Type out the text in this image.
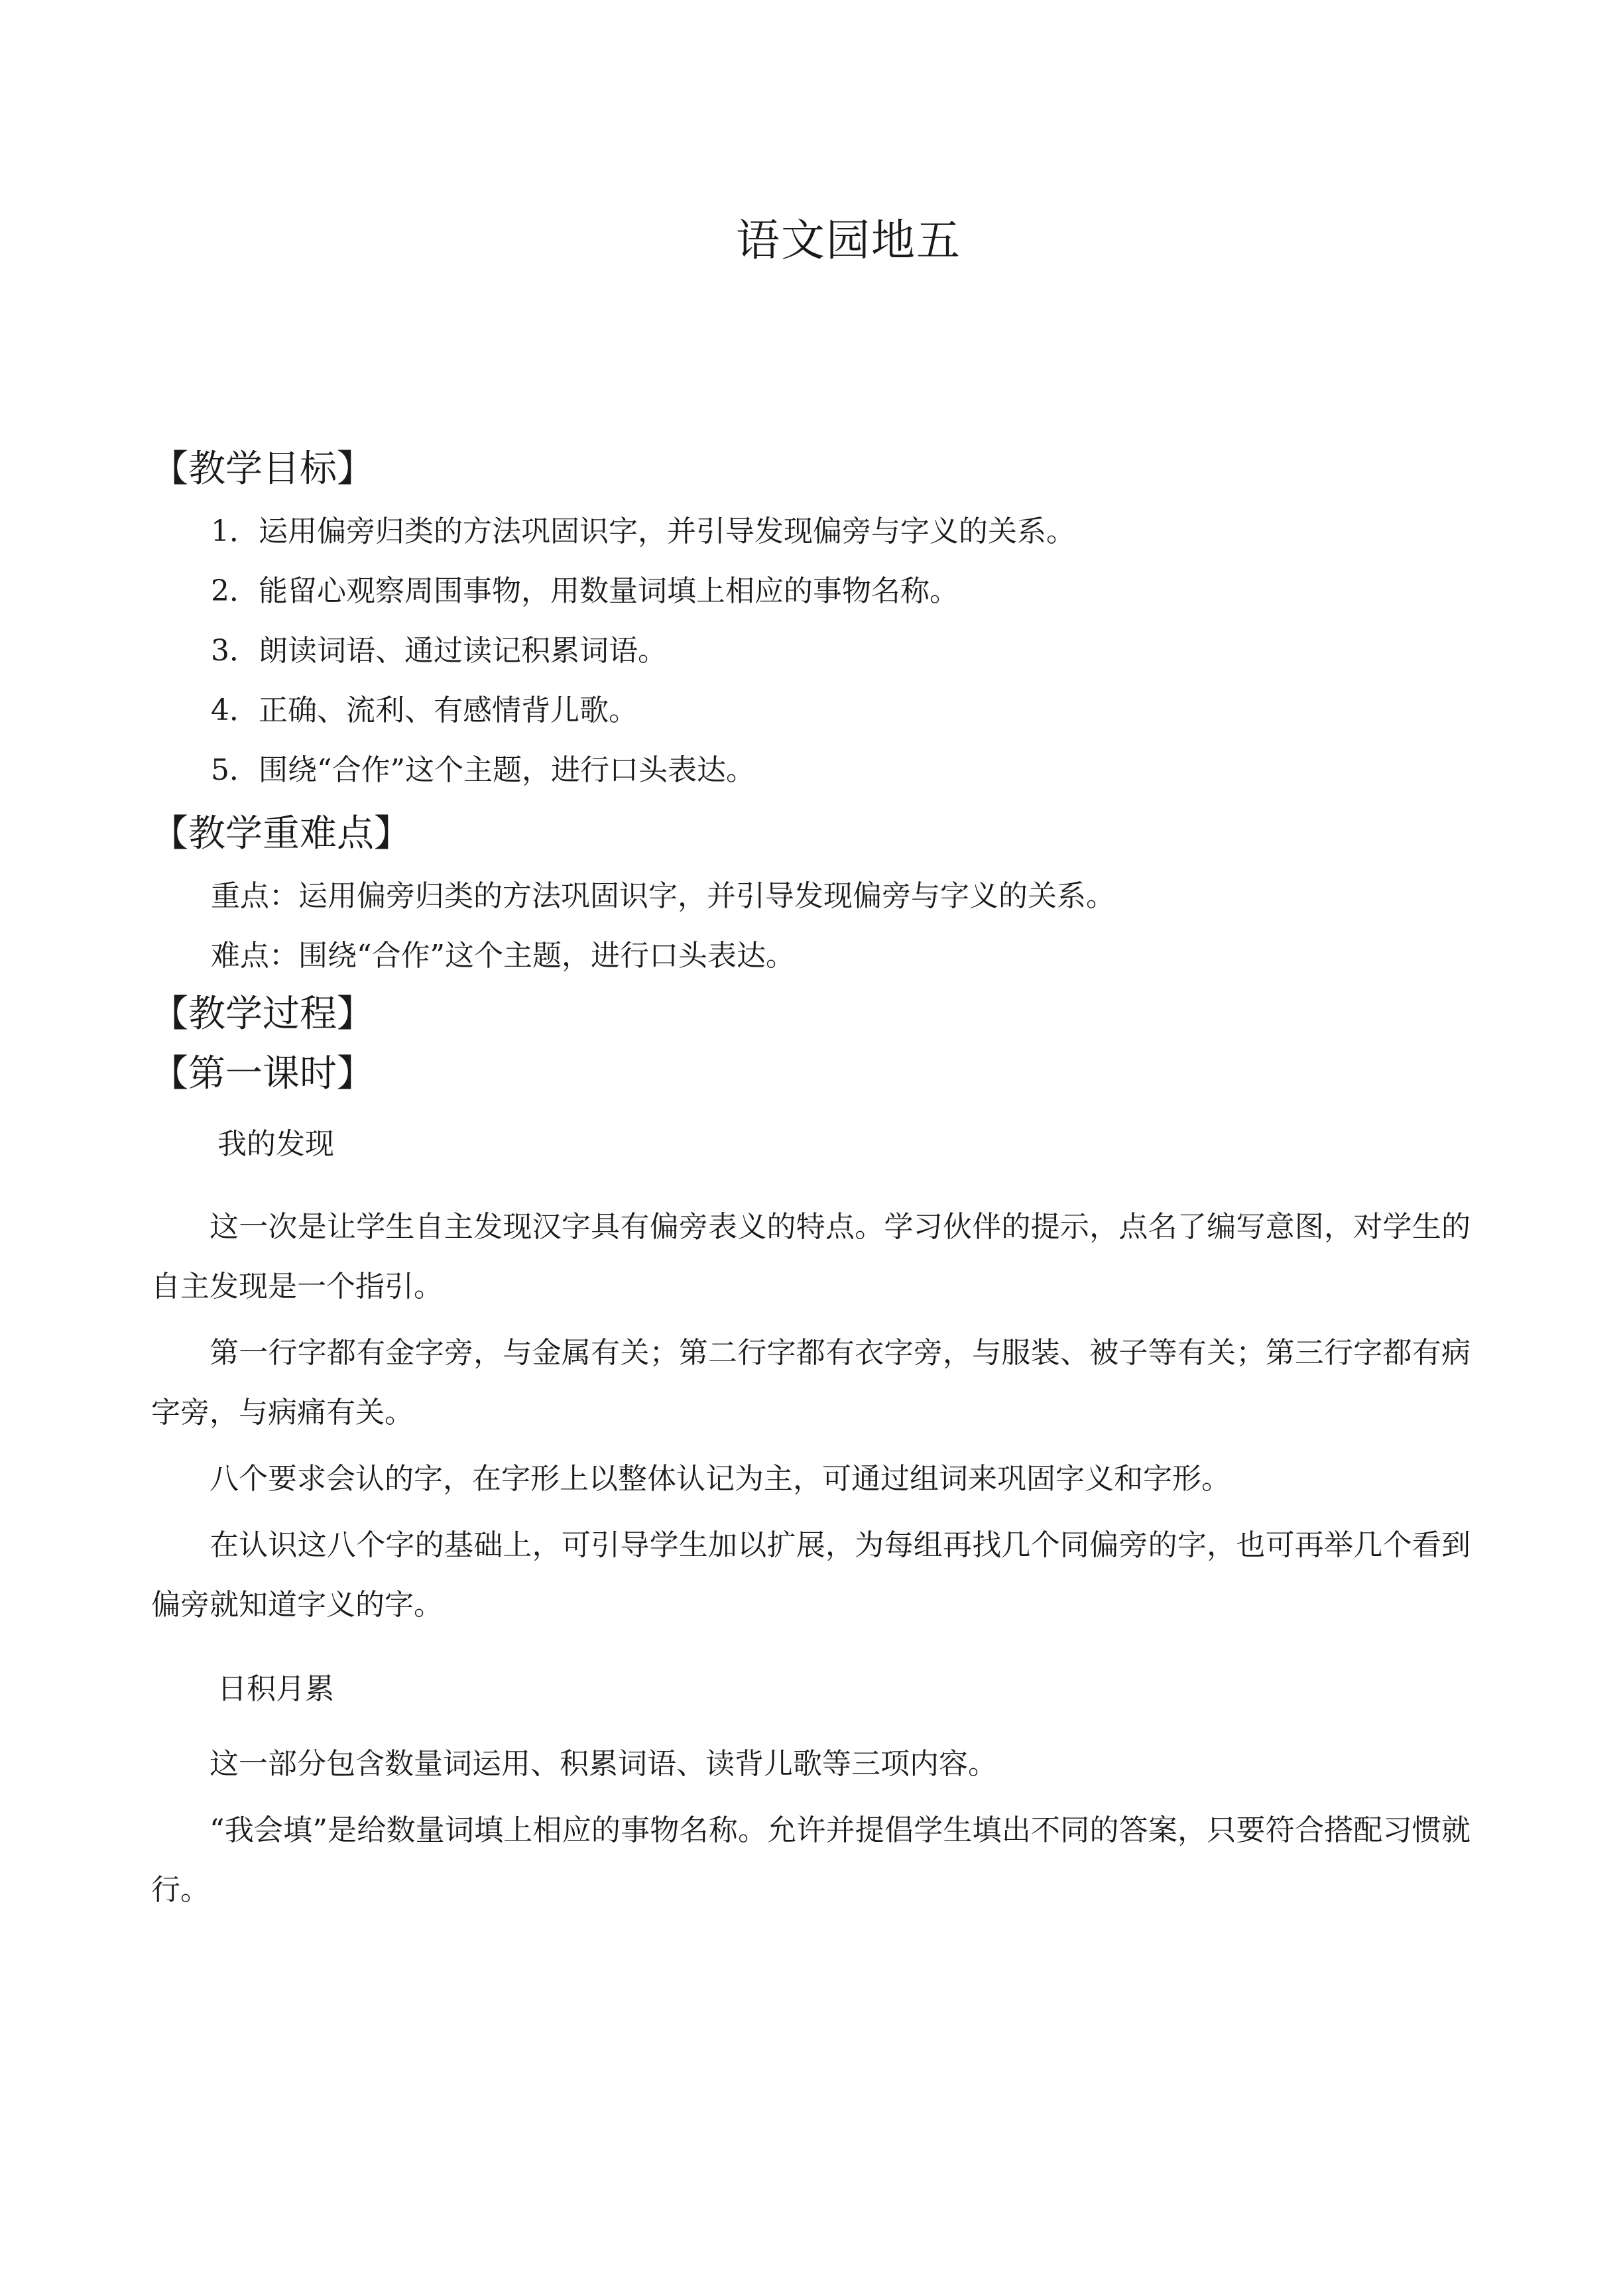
语文园地五
【教学目标】
1．运用偏旁归类的方法巩固识字，并引导发现偏旁与字义的关系。
2．能留心观察周围事物，用数量词填上相应的事物名称。
3．朗读词语、通过读记积累词语。
4．正确、流利、有感情背儿歌。
5．围绕“合作”这个主题，进行口头表达。
【教学重难点】
重点：运用偏旁归类的方法巩固识字，并引导发现偏旁与字义的关系。
难点：围绕“合作”这个主题，进行口头表达。
【教学过程】
【第一课时】
我的发现
这一次是让学生自主发现汉字具有偏旁表义的特点。学习伙伴的提示，点名了编写意图，对学生的自主发现是一个指引。
第一行字都有金字旁，与金属有关；第二行字都有衣字旁，与服装、被子等有关；第三行字都有病字旁，与病痛有关。
八个要求会认的字，在字形上以整体认记为主，可通过组词来巩固字义和字形。
在认识这八个字的基础上，可引导学生加以扩展，为每组再找几个同偏旁的字，也可再举几个看到偏旁就知道字义的字。
日积月累
这一部分包含数量词运用、积累词语、读背儿歌等三项内容。
“我会填”是给数量词填上相应的事物名称。允许并提倡学生填出不同的答案，只要符合搭配习惯就行。
